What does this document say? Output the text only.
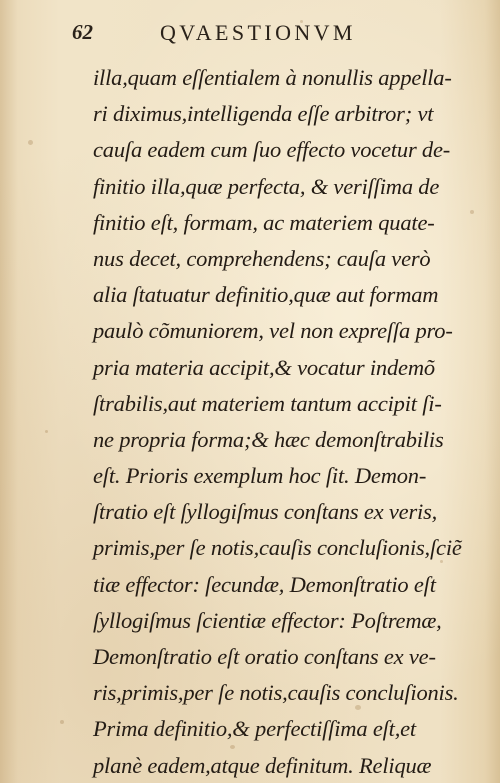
62	QVAESTIONVM
illa,quam eſſentialem à nonullis appella-
ri diximus,intelligenda eſſe arbitror; vt
cauſa eadem cum ſuo effecto vocetur de-
finitio illa,quæ perfecta, & veriſſima de
finitio eſt, formam, ac materiem quate-
nus decet, comprehendens; cauſa verò
alia ſtatuatur definitio,quæ aut formam
paulò cõmuniorem, vel non expreſſa pro-
pria materia accipit,& vocatur indemõ
ſtrabilis,aut materiem tantum accipit ſi-
ne propria forma;& hæc demonſtrabilis
eſt. Prioris exemplum hoc ſit. Demon-
ſtratio eſt ſyllogiſmus conſtans ex veris,
primis,per ſe notis,cauſis concluſionis,ſciẽ
tiæ effector: ſecundæ, Demonſtratio eſt
ſyllogiſmus ſcientiæ effector: Poſtremæ,
Demonſtratio eſt oratio conſtans ex ve-
ris,primis,per ſe notis,cauſis concluſionis.
Prima definitio,& perfectiſſima eſt,et
planè eadem,atque definitum. Reliquæ
